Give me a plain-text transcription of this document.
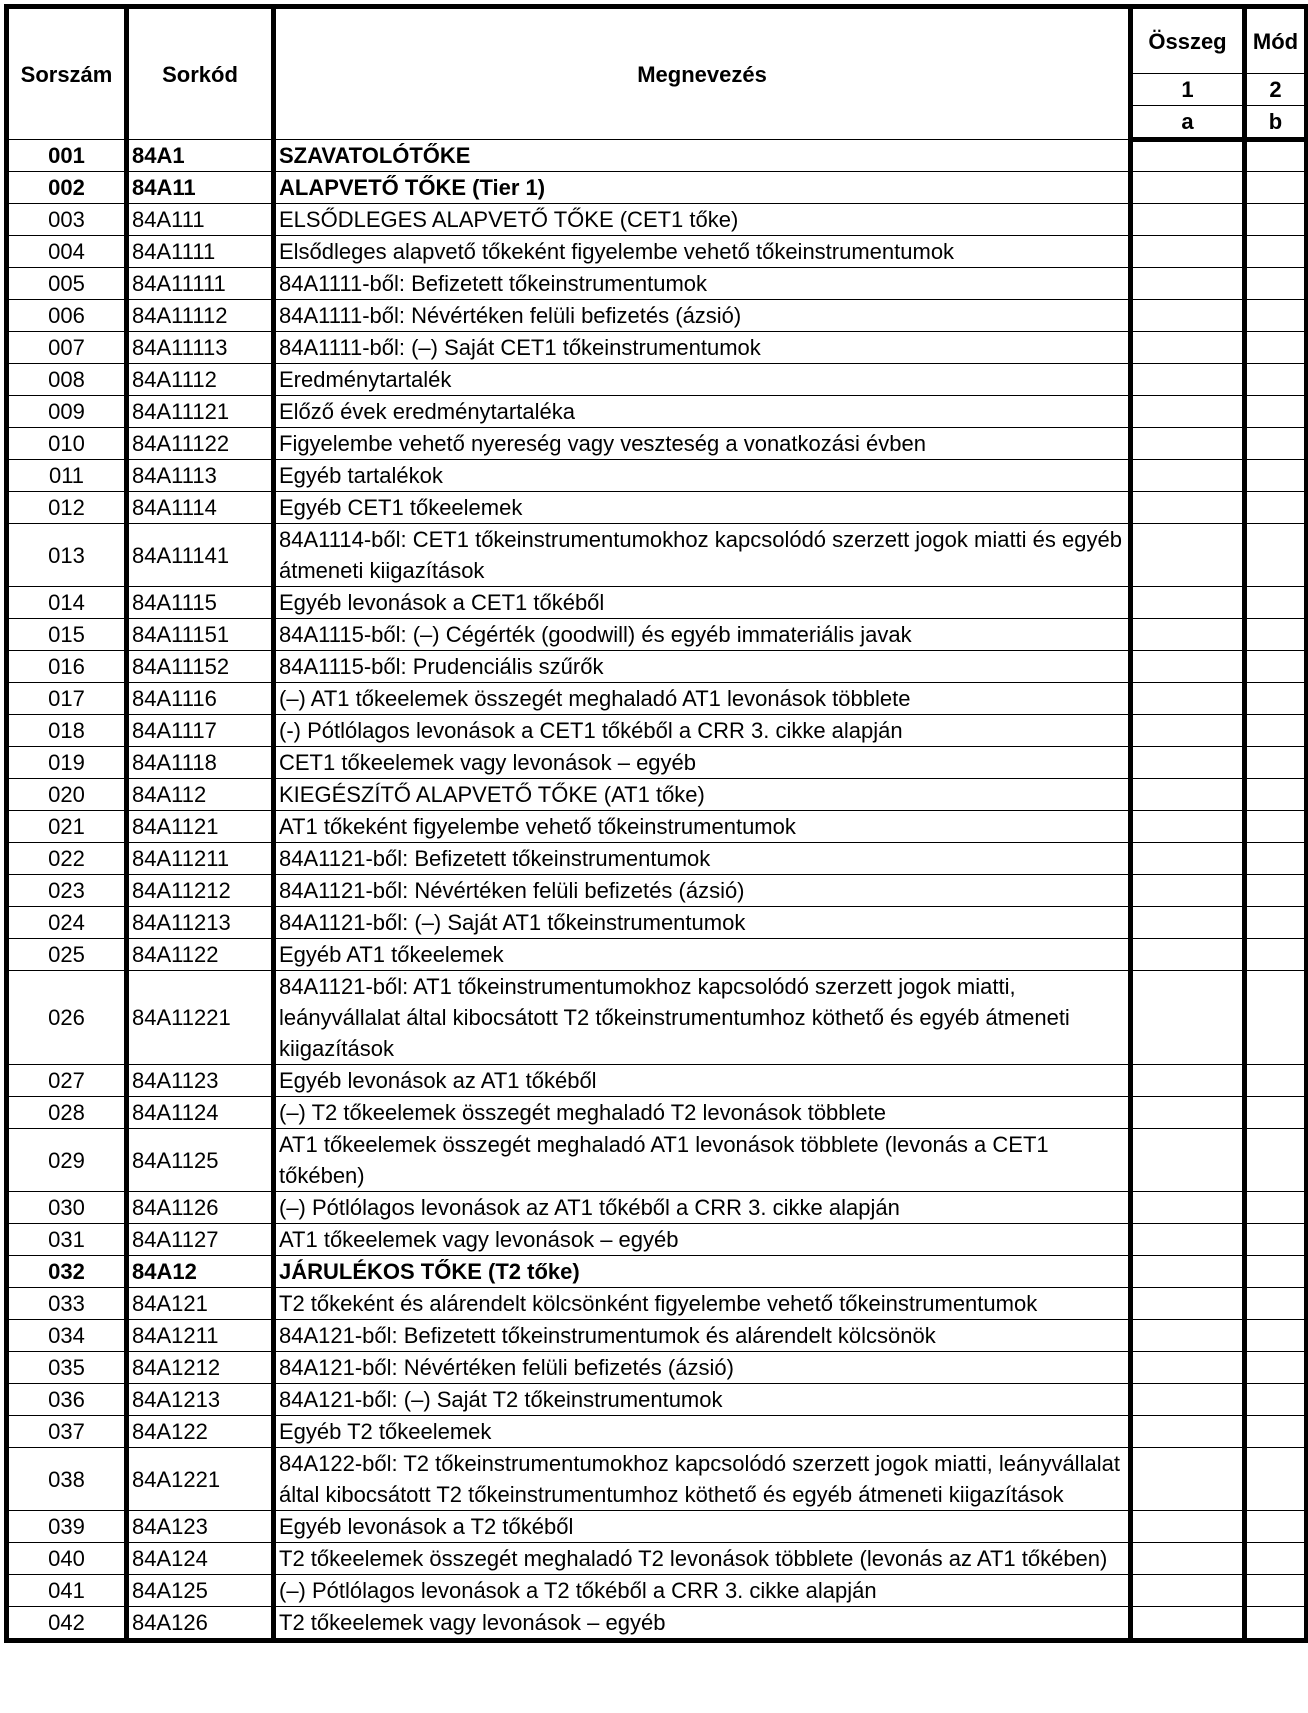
Sorszám	Sorkód	Megnevezés	Összeg	Mód
			1	2
			a	b
001	84A1	SZAVATOLÓTŐKE		
002	84A11	ALAPVETŐ TŐKE (Tier 1)		
003	84A111	ELSŐDLEGES ALAPVETŐ TŐKE (CET1 tőke)		
004	84A1111	Elsődleges alapvető tőkeként figyelembe vehető tőkeinstrumentumok		
005	84A11111	84A1111-ből: Befizetett tőkeinstrumentumok		
006	84A11112	84A1111-ből: Névértéken felüli befizetés (ázsió)		
007	84A11113	84A1111-ből: (–) Saját CET1 tőkeinstrumentumok		
008	84A1112	Eredménytartalék		
009	84A11121	Előző évek eredménytartaléka		
010	84A11122	Figyelembe vehető nyereség vagy veszteség a vonatkozási évben		
011	84A1113	Egyéb tartalékok		
012	84A1114	Egyéb CET1 tőkeelemek		
013	84A11141	84A1114-ből: CET1 tőkeinstrumentumokhoz kapcsolódó szerzett jogok miatti és egyéb átmeneti kiigazítások		
014	84A1115	Egyéb levonások a CET1 tőkéből		
015	84A11151	84A1115-ből: (–) Cégérték (goodwill) és egyéb immateriális javak		
016	84A11152	84A1115-ből: Prudenciális szűrők		
017	84A1116	(–) AT1 tőkeelemek összegét meghaladó AT1 levonások többlete		
018	84A1117	(-) Pótlólagos levonások a CET1 tőkéből a CRR 3. cikke alapján		
019	84A1118	CET1 tőkeelemek vagy levonások – egyéb		
020	84A112	KIEGÉSZÍTŐ ALAPVETŐ TŐKE (AT1 tőke)		
021	84A1121	AT1 tőkeként figyelembe vehető tőkeinstrumentumok		
022	84A11211	84A1121-ből: Befizetett tőkeinstrumentumok		
023	84A11212	84A1121-ből: Névértéken felüli befizetés (ázsió)		
024	84A11213	84A1121-ből: (–) Saját AT1 tőkeinstrumentumok		
025	84A1122	Egyéb AT1 tőkeelemek		
026	84A11221	84A1121-ből: AT1 tőkeinstrumentumokhoz kapcsolódó szerzett jogok miatti, leányvállalat által kibocsátott T2 tőkeinstrumentumhoz köthető és egyéb átmeneti kiigazítások		
027	84A1123	Egyéb levonások az AT1 tőkéből		
028	84A1124	(–) T2 tőkeelemek összegét meghaladó T2 levonások többlete		
029	84A1125	AT1 tőkeelemek összegét meghaladó AT1 levonások többlete (levonás a CET1 tőkében)		
030	84A1126	(–) Pótlólagos levonások az AT1 tőkéből a CRR 3. cikke alapján		
031	84A1127	AT1 tőkeelemek vagy levonások – egyéb		
032	84A12	JÁRULÉKOS TŐKE (T2 tőke)		
033	84A121	T2 tőkeként és alárendelt kölcsönként figyelembe vehető tőkeinstrumentumok		
034	84A1211	84A121-ből: Befizetett tőkeinstrumentumok és alárendelt kölcsönök		
035	84A1212	84A121-ből: Névértéken felüli befizetés (ázsió)		
036	84A1213	84A121-ből: (–) Saját T2 tőkeinstrumentumok		
037	84A122	Egyéb T2 tőkeelemek		
038	84A1221	84A122-ből: T2 tőkeinstrumentumokhoz kapcsolódó szerzett jogok miatti, leányvállalat által kibocsátott T2 tőkeinstrumentumhoz köthető és egyéb átmeneti kiigazítások		
039	84A123	Egyéb levonások a T2 tőkéből		
040	84A124	T2 tőkeelemek összegét meghaladó T2 levonások többlete (levonás az AT1 tőkében)		
041	84A125	(–) Pótlólagos levonások a T2 tőkéből a CRR 3. cikke alapján		
042	84A126	T2 tőkeelemek vagy levonások – egyéb		
